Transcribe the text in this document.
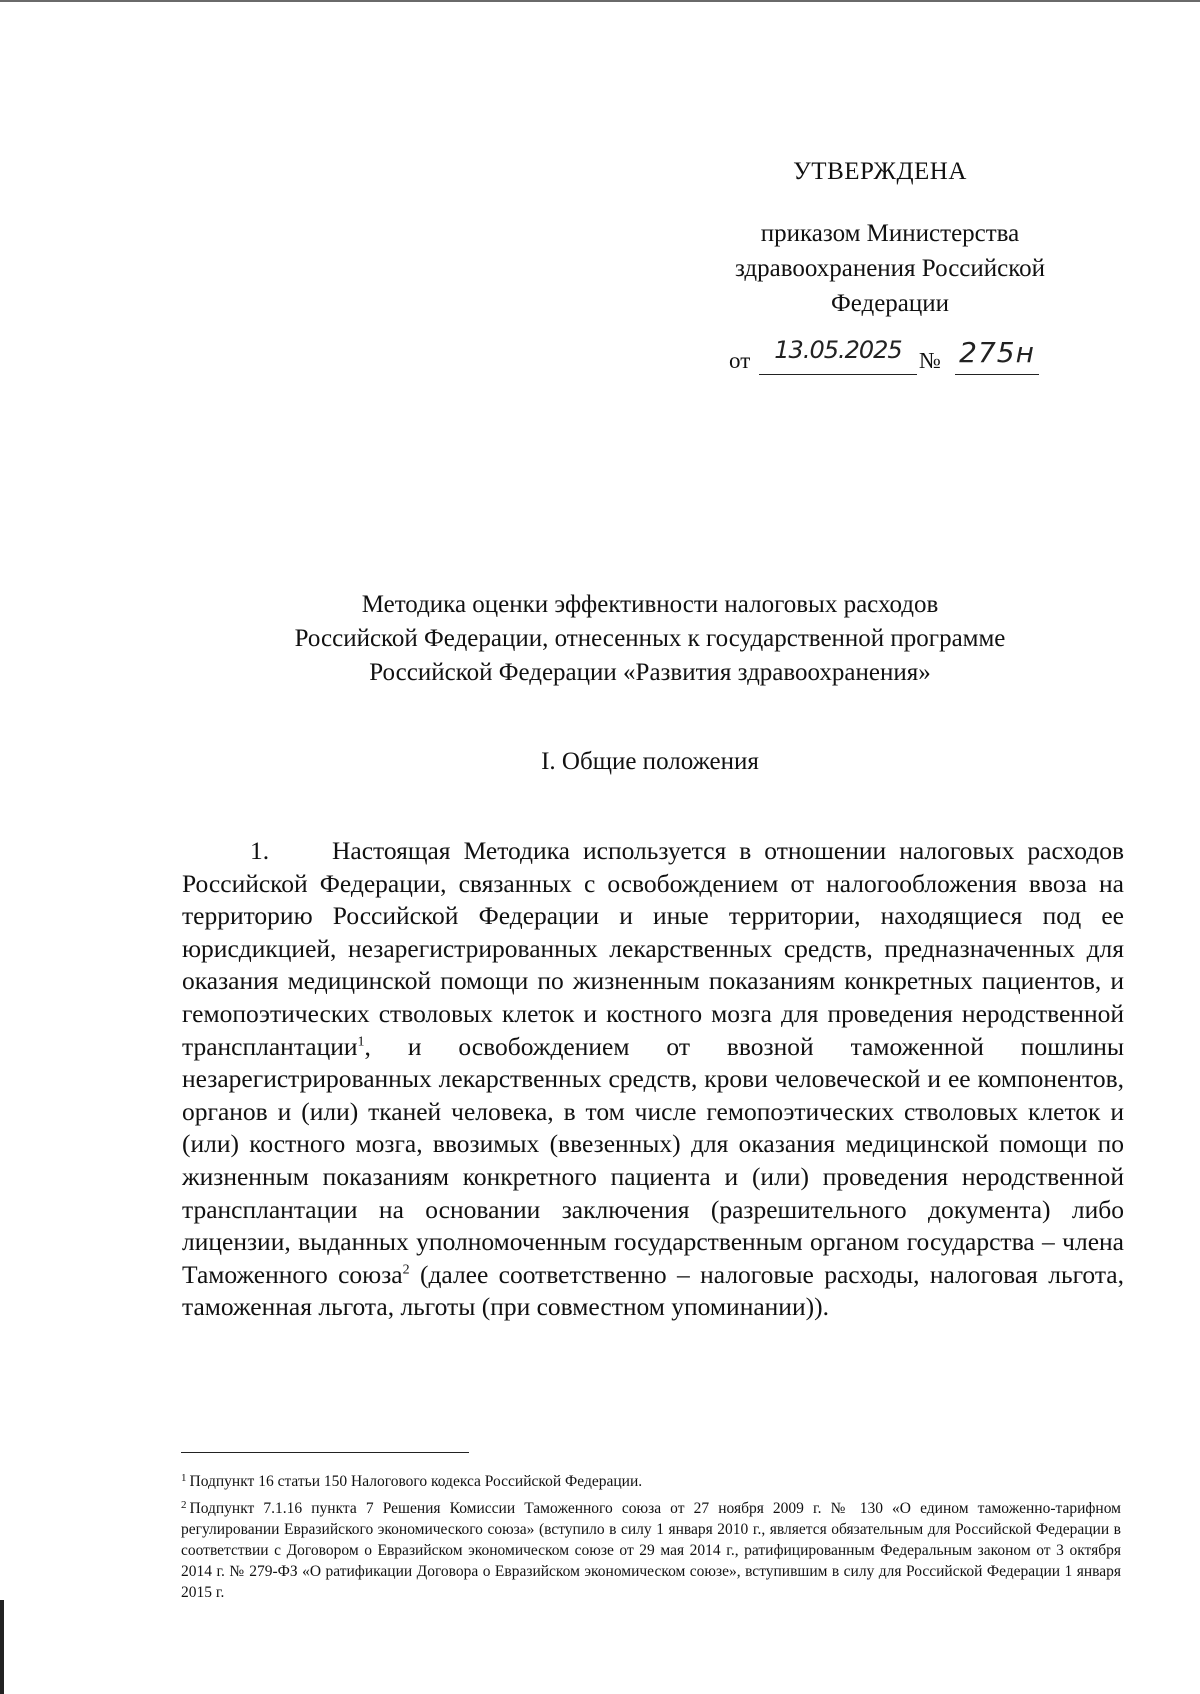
УТВЕРЖДЕНА
приказом Министерства
здравоохранения Российской
Федерации
от	13.05.2025 № 275н
Методика оценки эффективности налоговых расходов
Российской Федерации, отнесенных к государственной программе
Российской Федерации «Развития здравоохранения»
I. Общие положения
1. Настоящая Методика используется в отношении налоговых расходов Российской Федерации, связанных с освобождением от налогообложения ввоза на территорию Российской Федерации и иные территории, находящиеся под ее юрисдикцией, незарегистрированных лекарственных средств, предназначенных для оказания медицинской помощи по жизненным показаниям конкретных пациентов, и гемопоэтических стволовых клеток и костного мозга для проведения неродственной трансплантации$^1$, и освобождением от ввозной таможенной пошлины незарегистрированных лекарственных средств, крови человеческой и ее компонентов, органов и (или) тканей человека, в том числе гемопоэтических стволовых клеток и (или) костного мозга, ввозимых (ввезенных) для оказания медицинской помощи по жизненным показаниям конкретного пациента и (или) проведения неродственной трансплантации на основании заключения (разрешительного документа) либо лицензии, выданных уполномоченным государственным органом государства – члена Таможенного союза$^2$ (далее соответственно – налоговые расходы, налоговая льгота, таможенная льгота, льготы (при совместном упоминании)).

$^1$ Подпункт 16 статьи 150 Налогового кодекса Российской Федерации.

$^2$ Подпункт 7.1.16 пункта 7 Решения Комиссии Таможенного союза от 27 ноября 2009 г. № 130 «О едином таможенно-тарифном регулировании Евразийского экономического союза» (вступило в силу 1 января 2010 г., является обязательным для Российской Федерации в соответствии с Договором о Евразийском экономическом союзе от 29 мая 2014 г., ратифицированным Федеральным законом от 3 октября 2014 г. № 279-ФЗ «О ратификации Договора о Евразийском экономическом союзе», вступившим в силу для Российской Федерации 1 января 2015 г.
